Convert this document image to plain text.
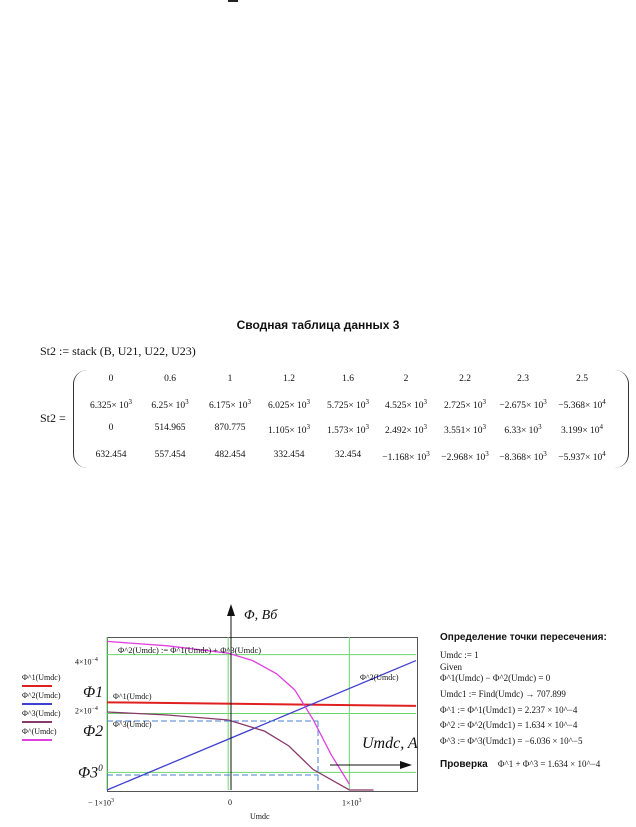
Сводная таблица данных 3
St2 := stack (B, U21, U22, U23)
St2 =
0	0.6	1	1.2	1.6	2	2.2	2.3	2.5
$6.325\times 10^3$	$6.25\times 10^3$	$6.175\times 10^3$	$6.025\times 10^3$	$5.725\times 10^3$	$4.525\times 10^3$	$2.725\times 10^3$	$-2.675\times 10^3$	$-5.368\times 10^4$
0	514.965	870.775	$1.105\times 10^3$	$1.573\times 10^3$	$2.492\times 10^3$	$3.551\times 10^3$	$6.33\times 10^3$	$3.199\times 10^4$
632.454	557.454	482.454	332.454	32.454	$-1.168\times 10^3$	$-2.968\times 10^3$	$-8.368\times 10^3$	$-5.937\times 10^4$
Φ, Вб
Umdc, A
Φ^2(Umdc) := Φ^1(Umdc) + Φ^3(Umdc)
Φ^1(Umdc)
Φ^3(Umdc)
Φ^2(Umdc)
Φ1
Φ2
$\Phi 3^0$
$4\times 10^{-4}$
$2\times 10^{-4}$
− $1\times 10^3$	0	$1\times 10^3$
Umdc
Φ^1(Umdc)
Φ^2(Umdc)
Φ^3(Umdc)
Φ^(Umdc)
Определение точки пересечения:
Umdc := 1
Given
Φ^1(Umdc) − Φ^2(Umdc) = 0
Umdc1 := Find(Umdc) → 707.899
Φ^1 := Φ^1(Umdc1) = 2.237 × 10^−4
Φ^2 := Φ^2(Umdc1) = 1.634 × 10^−4
Φ^3 := Φ^3(Umdc1) = −6.036 × 10^−5
Проверка Φ^1 + Φ^3 = 1.634 × 10^−4
